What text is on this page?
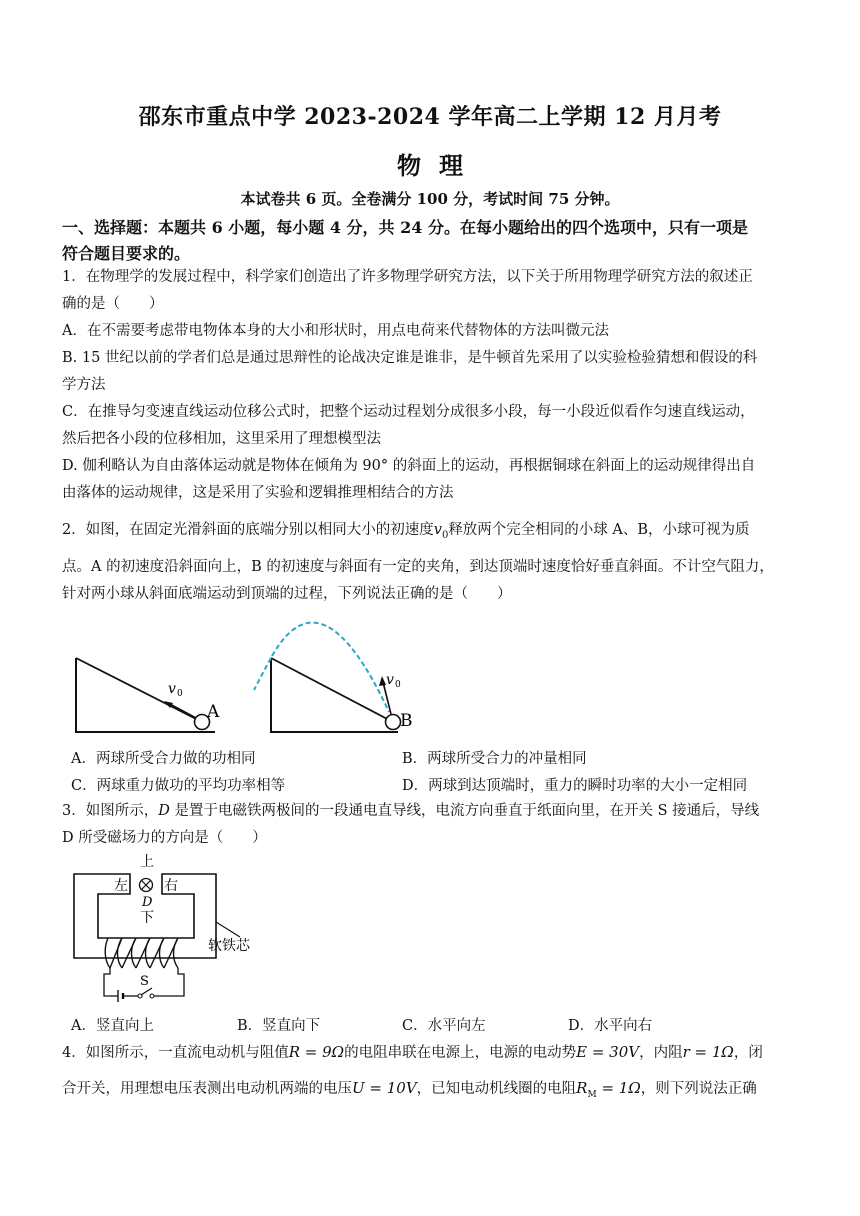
邵东市重点中学 2023-2024 学年高二上学期 12 月月考
物理
本试卷共 6 页。全卷满分 100 分，考试时间 75 分钟。
一、选择题：本题共 6 小题，每小题 4 分，共 24 分。在每小题给出的四个选项中，只有一项是
符合题目要求的。
1．在物理学的发展过程中，科学家们创造出了许多物理学研究方法，以下关于所用物理学研究方法的叙述正
确的是（　　）
A．在不需要考虑带电物体本身的大小和形状时，用点电荷来代替物体的方法叫微元法
B. 15 世纪以前的学者们总是通过思辩性的论战决定谁是谁非，是牛顿首先采用了以实验检验猜想和假设的科
学方法
C．在推导匀变速直线运动位移公式时，把整个运动过程划分成很多小段，每一小段近似看作匀速直线运动，
然后把各小段的位移相加，这里采用了理想模型法
D. 伽利略认为自由落体运动就是物体在倾角为 90° 的斜面上的运动，再根据铜球在斜面上的运动规律得出自
由落体的运动规律，这是采用了实验和逻辑推理相结合的方法
2．如图，在固定光滑斜面的底端分别以相同大小的初速度$v_0$释放两个完全相同的小球 A、B，小球可视为质
点。A 的初速度沿斜面向上，B 的初速度与斜面有一定的夹角，到达顶端时速度恰好垂直斜面。不计空气阻力，
针对两小球从斜面底端运动到顶端的过程，下列说法正确的是（　　）
v 0
A
v 0
B
A．两球所受合力做的功相同	B．两球所受合力的冲量相同
C．两球重力做功的平均功率相等	D．两球到达顶端时，重力的瞬时功率的大小一定相同
3．如图所示，D 是置于电磁铁两极间的一段通电直导线，电流方向垂直于纸面向里，在开关 S 接通后，导线
D 所受磁场力的方向是（　　）
上
左	右
D
下
S
软铁芯
A．竖直向上	B．竖直向下	C．水平向左	D．水平向右
4．如图所示，一直流电动机与阻值R = 9Ω的电阻串联在电源上，电源的电动势E = 30V，内阻r = 1Ω，闭
合开关，用理想电压表测出电动机两端的电压U = 10V，已知电动机线圈的电阻$R_M = 1\Omega$，则下列说法正确
